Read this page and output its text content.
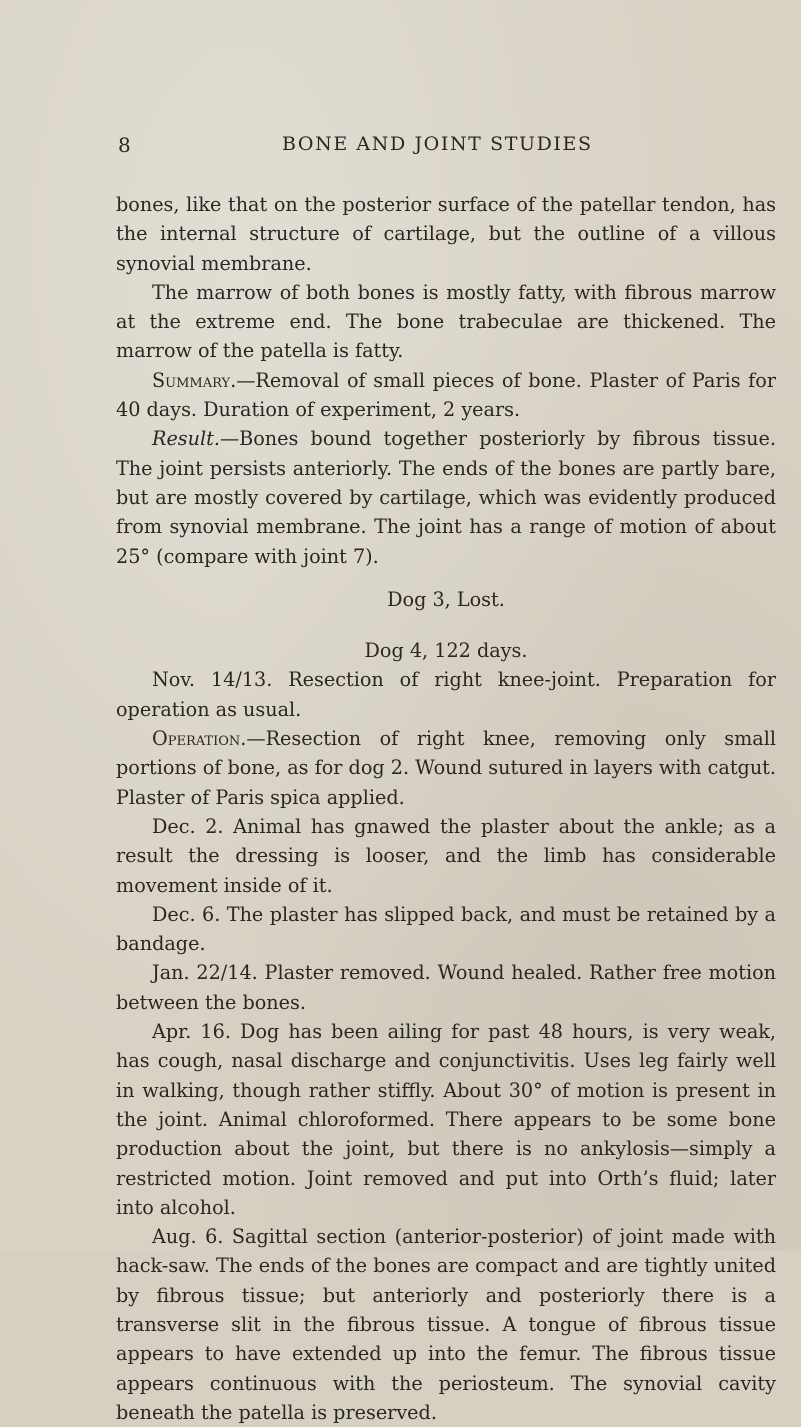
8	BONE AND JOINT STUDIES

bones, like that on the posterior surface of the patellar tendon, has the internal structure of cartilage, but the outline of a villous synovial membrane.

The marrow of both bones is mostly fatty, with fibrous marrow at the extreme end. The bone trabeculae are thickened. The marrow of the patella is fatty.

Summary.—Removal of small pieces of bone. Plaster of Paris for 40 days. Duration of experiment, 2 years.

Result.—Bones bound together posteriorly by fibrous tissue. The joint persists anteriorly. The ends of the bones are partly bare, but are mostly covered by cartilage, which was evidently produced from synovial membrane. The joint has a range of motion of about 25° (compare with joint 7).

Dog 3, Lost.

Dog 4, 122 days.

Nov. 14/13. Resection of right knee-joint. Preparation for operation as usual.

Operation.—Resection of right knee, removing only small portions of bone, as for dog 2. Wound sutured in layers with catgut. Plaster of Paris spica applied.

Dec. 2. Animal has gnawed the plaster about the ankle; as a result the dressing is looser, and the limb has considerable movement inside of it.

Dec. 6. The plaster has slipped back, and must be retained by a bandage.

Jan. 22/14. Plaster removed. Wound healed. Rather free motion between the bones.

Apr. 16. Dog has been ailing for past 48 hours, is very weak, has cough, nasal discharge and conjunctivitis. Uses leg fairly well in walking, though rather stiffly. About 30° of motion is present in the joint. Animal chloroformed. There appears to be some bone production about the joint, but there is no ankylosis—simply a restricted motion. Joint removed and put into Orth’s fluid; later into alcohol.

Aug. 6. Sagittal section (anterior-posterior) of joint made with hack-saw. The ends of the bones are compact and are tightly united by fibrous tissue; but anteriorly and posteriorly there is a transverse slit in the fibrous tissue. A tongue of fibrous tissue appears to have extended up into the femur. The fibrous tissue appears continuous with the periosteum. The synovial cavity beneath the patella is preserved.
